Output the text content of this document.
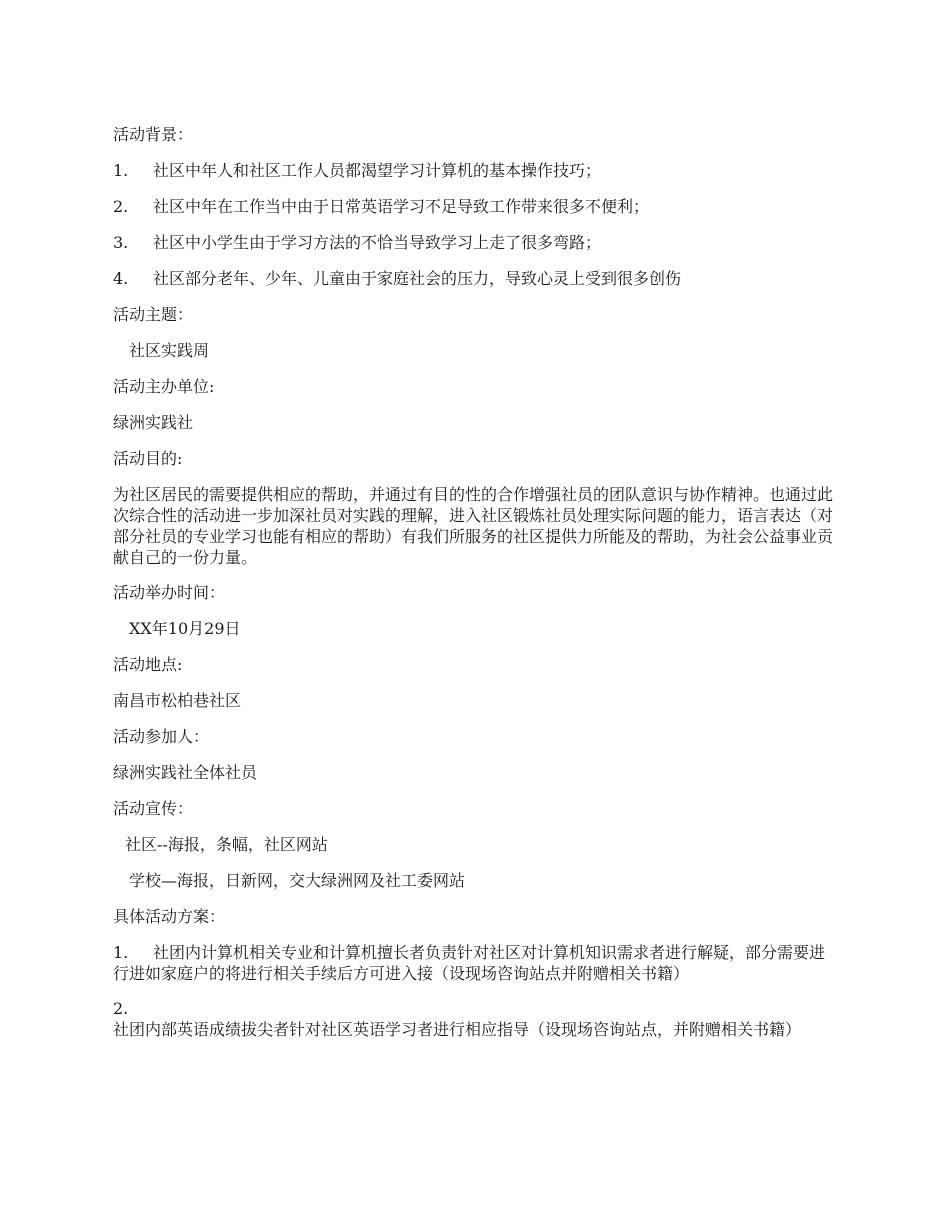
活动背景：

1. 社区中年人和社区工作人员都渴望学习计算机的基本操作技巧；

2. 社区中年在工作当中由于日常英语学习不足导致工作带来很多不便利；

3. 社区中小学生由于学习方法的不恰当导致学习上走了很多弯路；

4. 社区部分老年、少年、儿童由于家庭社会的压力，导致心灵上受到很多创伤

活动主题：

社区实践周

活动主办单位:

绿洲实践社

活动目的:

为社区居民的需要提供相应的帮助，并通过有目的性的合作增强社员的团队意识与协作精神。也通过此次综合性的活动进一步加深社员对实践的理解，进入社区锻炼社员处理实际问题的能力，语言表达（对部分社员的专业学习也能有相应的帮助）有我们所服务的社区提供力所能及的帮助，为社会公益事业贡献自己的一份力量。

活动举办时间：

XX年10月29日

活动地点:

南昌市松柏巷社区

活动参加人：

绿洲实践社全体社员

活动宣传：

社区--海报，条幅，社区网站

学校—海报，日新网，交大绿洲网及社工委网站

具体活动方案：

1. 社团内计算机相关专业和计算机擅长者负责针对社区对计算机知识需求者进行解疑，部分需要进行进如家庭户的将进行相关手续后方可进入接（设现场咨询站点并附赠相关书籍）

2.社团内部英语成绩拔尖者针对社区英语学习者进行相应指导（设现场咨询站点，并附赠相关书籍）
